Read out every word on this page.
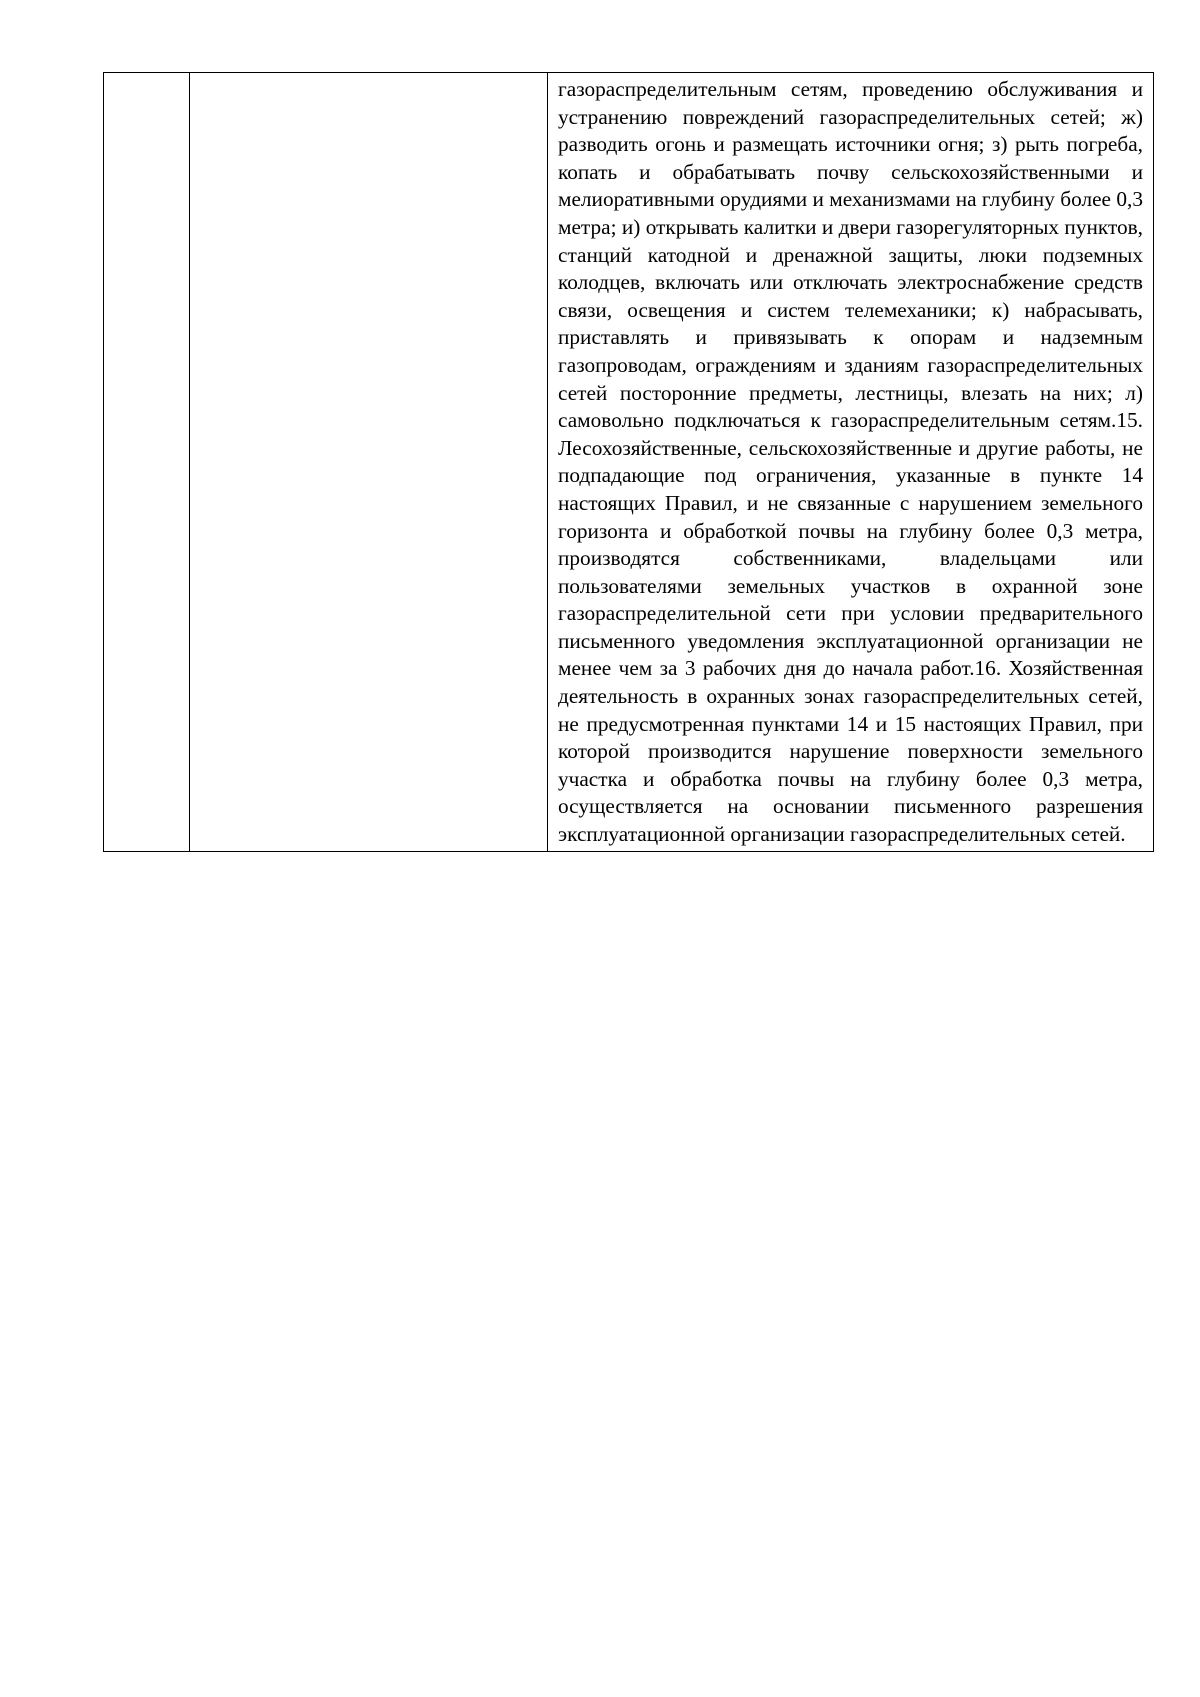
газораспределительным сетям, проведению обслуживания и устранению повреждений газораспределительных сетей; ж) разводить огонь и размещать источники огня; з) рыть погреба, копать и обрабатывать почву сельскохозяйственными и мелиоративными орудиями и механизмами на глубину более 0,3 метра; и) открывать калитки и двери газорегуляторных пунктов, станций катодной и дренажной защиты, люки подземных колодцев, включать или отключать электроснабжение средств связи, освещения и систем телемеханики; к) набрасывать, приставлять и привязывать к опорам и надземным газопроводам, ограждениям и зданиям газораспределительных сетей посторонние предметы, лестницы, влезать на них; л) самовольно подключаться к газораспределительным сетям.15. Лесохозяйственные, сельскохозяйственные и другие работы, не подпадающие под ограничения, указанные в пункте 14 настоящих Правил, и не связанные с нарушением земельного горизонта и обработкой почвы на глубину более 0,3 метра, производятся собственниками, владельцами или пользователями земельных участков в охранной зоне газораспределительной сети при условии предварительного письменного уведомления эксплуатационной организации не менее чем за 3 рабочих дня до начала работ.16. Хозяйственная деятельность в охранных зонах газораспределительных сетей, не предусмотренная пунктами 14 и 15 настоящих Правил, при которой производится нарушение поверхности земельного участка и обработка почвы на глубину более 0,3 метра, осуществляется на основании письменного разрешения эксплуатационной организации газораспределительных сетей.
